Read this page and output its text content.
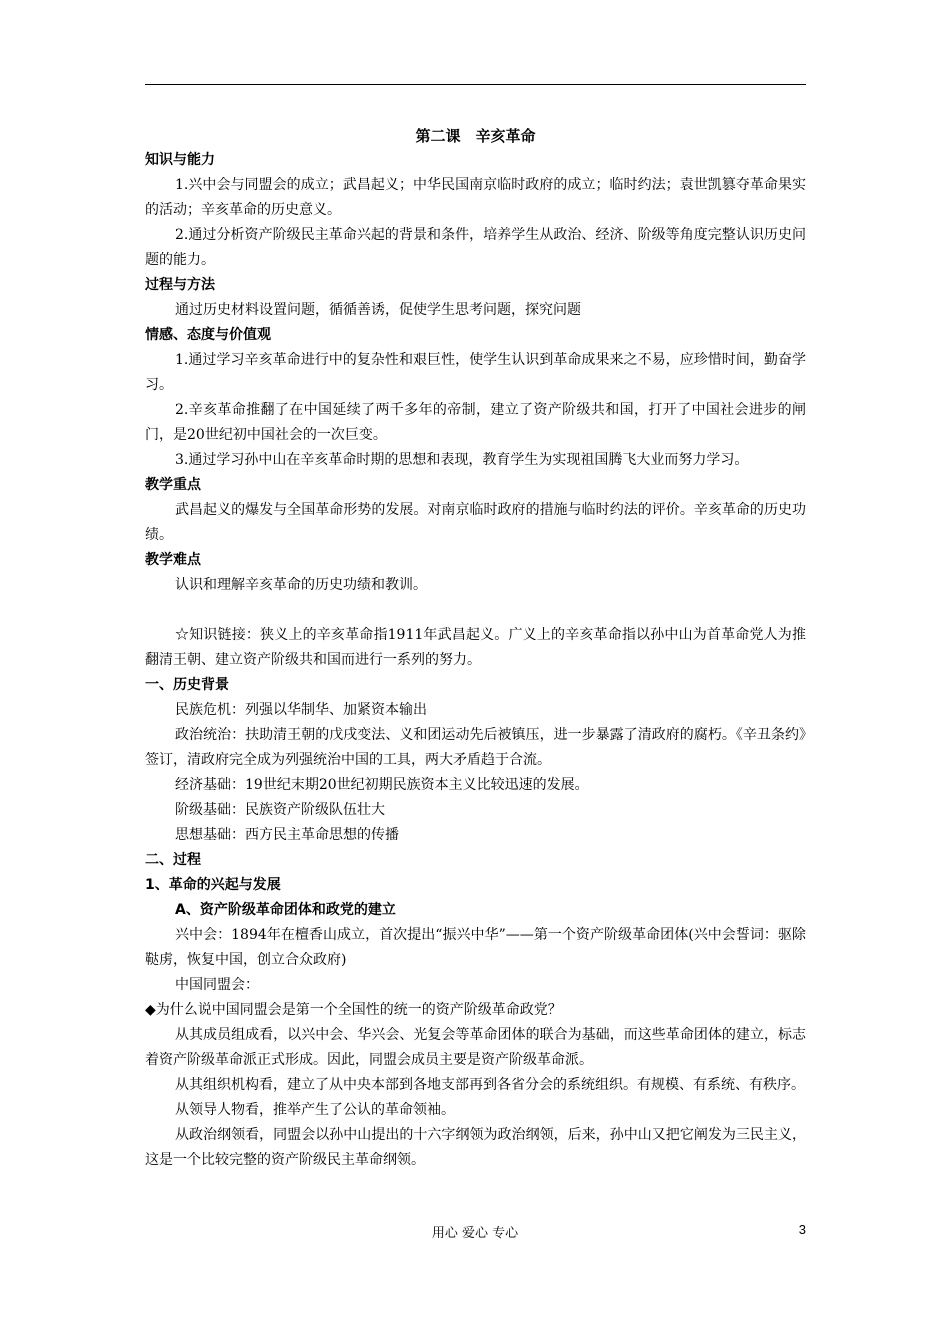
第二课　辛亥革命
知识与能力
1.兴中会与同盟会的成立；武昌起义；中华民国南京临时政府的成立；临时约法；袁世凯篡夺革命果实的活动；辛亥革命的历史意义。
2.通过分析资产阶级民主革命兴起的背景和条件，培养学生从政治、经济、阶级等角度完整认识历史问题的能力。
过程与方法
通过历史材料设置问题，循循善诱，促使学生思考问题，探究问题
情感、态度与价值观
1.通过学习辛亥革命进行中的复杂性和艰巨性，使学生认识到革命成果来之不易，应珍惜时间，勤奋学习。
2.辛亥革命推翻了在中国延续了两千多年的帝制，建立了资产阶级共和国，打开了中国社会进步的闸门，是20世纪初中国社会的一次巨变。
3.通过学习孙中山在辛亥革命时期的思想和表现，教育学生为实现祖国腾飞大业而努力学习。
教学重点
武昌起义的爆发与全国革命形势的发展。对南京临时政府的措施与临时约法的评价。辛亥革命的历史功绩。
教学难点
认识和理解辛亥革命的历史功绩和教训。
☆知识链接：狭义上的辛亥革命指1911年武昌起义。广义上的辛亥革命指以孙中山为首革命党人为推翻清王朝、建立资产阶级共和国而进行一系列的努力。
一、历史背景
民族危机：列强以华制华、加紧资本输出
政治统治：扶助清王朝的戊戌变法、义和团运动先后被镇压，进一步暴露了清政府的腐朽。《辛丑条约》签订，清政府完全成为列强统治中国的工具，两大矛盾趋于合流。
经济基础：19世纪末期20世纪初期民族资本主义比较迅速的发展。
阶级基础：民族资产阶级队伍壮大
思想基础：西方民主革命思想的传播
二、过程
1、革命的兴起与发展
A、资产阶级革命团体和政党的建立
兴中会：1894年在檀香山成立，首次提出“振兴中华”——第一个资产阶级革命团体(兴中会誓词：驱除鞑虏，恢复中国，创立合众政府)
中国同盟会：
◆为什么说中国同盟会是第一个全国性的统一的资产阶级革命政党？
从其成员组成看，以兴中会、华兴会、光复会等革命团体的联合为基础，而这些革命团体的建立，标志着资产阶级革命派正式形成。因此，同盟会成员主要是资产阶级革命派。
从其组织机构看，建立了从中央本部到各地支部再到各省分会的系统组织。有规模、有系统、有秩序。
从领导人物看，推举产生了公认的革命领袖。
从政治纲领看，同盟会以孙中山提出的十六字纲领为政治纲领，后来，孙中山又把它阐发为三民主义，这是一个比较完整的资产阶级民主革命纲领。
用心 爱心 专心	3
